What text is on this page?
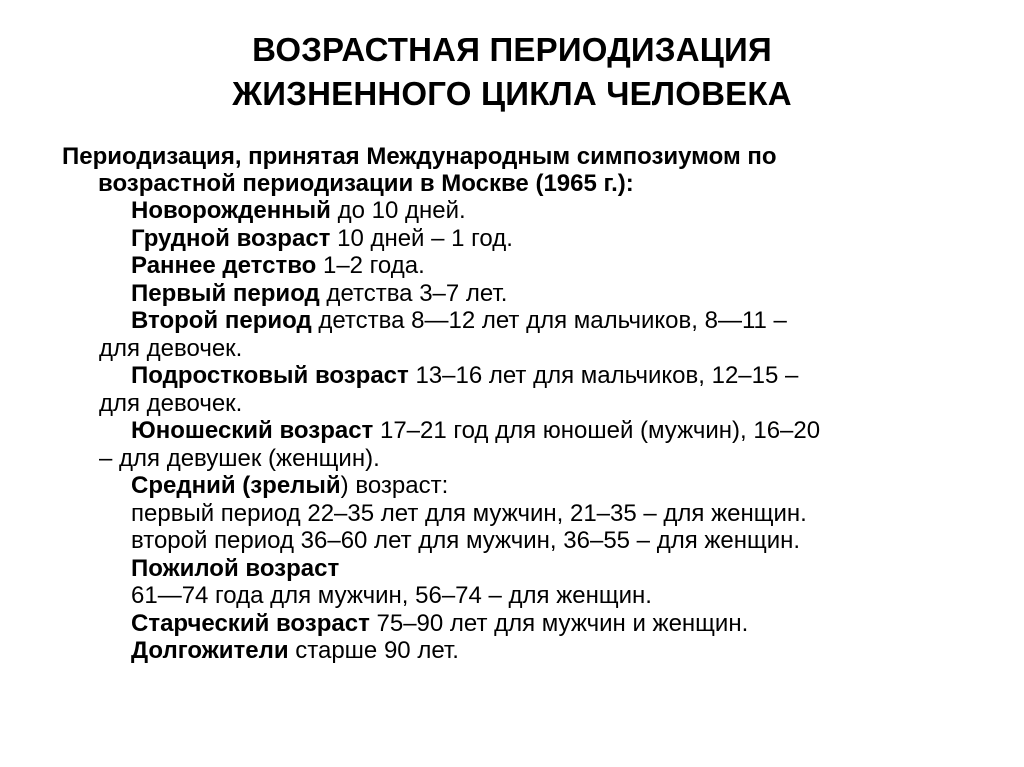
ВОЗРАСТНАЯ ПЕРИОДИЗАЦИЯ
ЖИЗНЕННОГО ЦИКЛА ЧЕЛОВЕКА
Периодизация, принятая Международным симпозиумом по
возрастной периодизации в Москве (1965 г.):
Новорожденный до 10 дней.
Грудной возраст 10 дней – 1 год.
Раннее детство 1–2 года.
Первый период детства 3–7 лет.
Второй период детства 8—12 лет для мальчиков, 8—11 –
для девочек.
Подростковый возраст 13–16 лет для мальчиков, 12–15 –
для девочек.
Юношеский возраст 17–21 год для юношей (мужчин), 16–20
– для девушек (женщин).
Средний (зрелый) возраст:
первый период 22–35 лет для мужчин, 21–35 – для женщин.
второй период 36–60 лет для мужчин, 36–55 – для женщин.
Пожилой возраст
61—74 года для мужчин, 56–74 – для женщин.
Старческий возраст 75–90 лет для мужчин и женщин.
Долгожители старше 90 лет.
